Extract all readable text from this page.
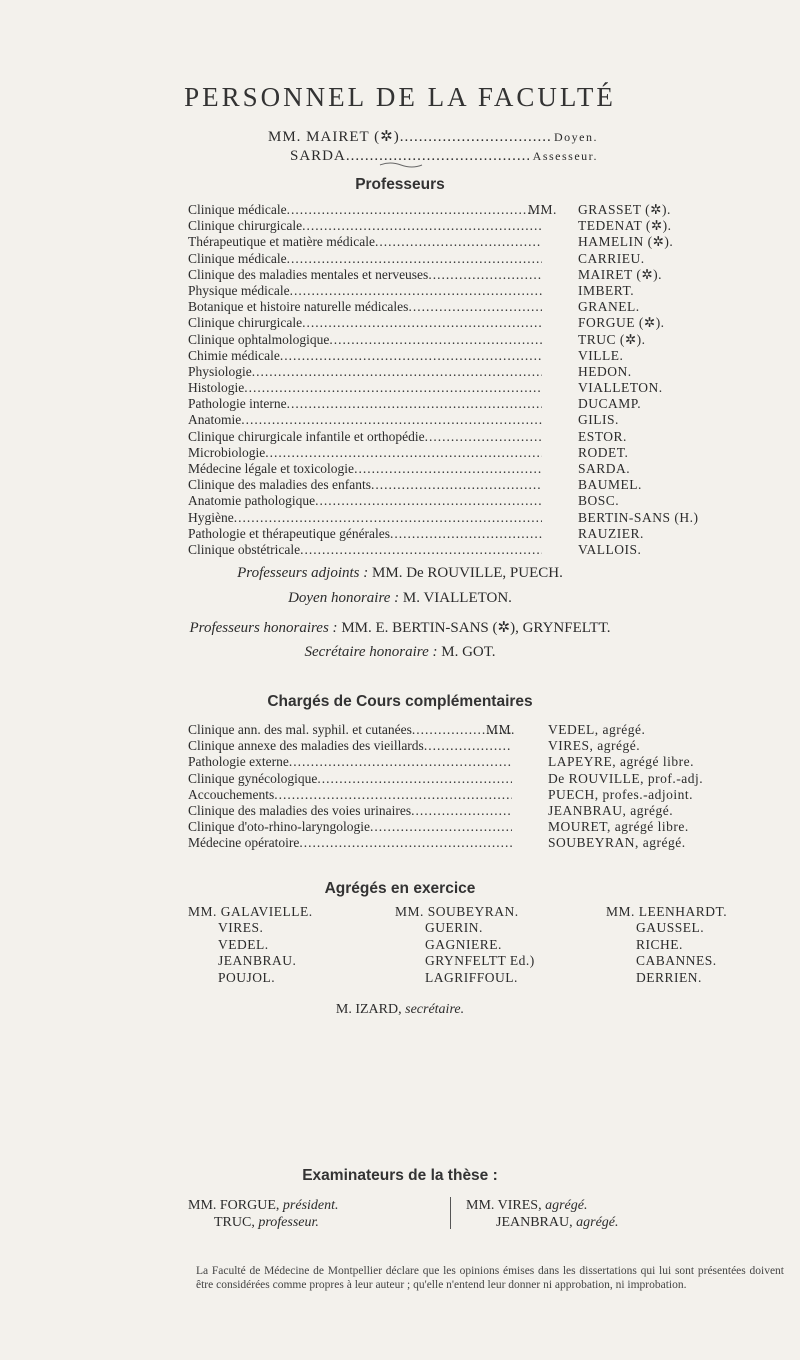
PERSONNEL DE LA FACULTÉ
MM. MAIRET (✲) .....	Doyen.
SARDA .....	Assesseur.
Professeurs
MM.
Clinique médicale .....	GRASSET (✲).
Clinique chirurgicale .....	TEDENAT (✲).
Thérapeutique et matière médicale .....	HAMELIN (✲).
Clinique médicale .....	CARRIEU.
Clinique des maladies mentales et nerveuses .....	MAIRET (✲).
Physique médicale .....	IMBERT.
Botanique et histoire naturelle médicales .....	GRANEL.
Clinique chirurgicale .....	FORGUE (✲).
Clinique ophtalmologique .....	TRUC (✲).
Chimie médicale .....	VILLE.
Physiologie .....	HEDON.
Histologie .....	VIALLETON.
Pathologie interne .....	DUCAMP.
Anatomie .....	GILIS.
Clinique chirurgicale infantile et orthopédie .....	ESTOR.
Microbiologie .....	RODET.
Médecine légale et toxicologie .....	SARDA.
Clinique des maladies des enfants .....	BAUMEL.
Anatomie pathologique .....	BOSC.
Hygiène .....	BERTIN-SANS (H.)
Pathologie et thérapeutique générales .....	RAUZIER.
Clinique obstétricale .....	VALLOIS.
Professeurs adjoints : MM. De ROUVILLE, PUECH.
Doyen honoraire : M. VIALLETON.
Professeurs honoraires : MM. E. BERTIN-SANS (✲), GRYNFELTT.
Secrétaire honoraire : M. GOT.
Chargés de Cours complémentaires
MM.
Clinique ann. des mal. syphil. et cutanées .....	VEDEL, agrégé.
Clinique annexe des maladies des vieillards .....	VIRES, agrégé.
Pathologie externe .....	LAPEYRE, agrégé libre.
Clinique gynécologique .....	De ROUVILLE, prof.-adj.
Accouchements .....	PUECH, profes.-adjoint.
Clinique des maladies des voies urinaires .....	JEANBRAU, agrégé.
Clinique d'oto-rhino-laryngologie .....	MOURET, agrégé libre.
Médecine opératoire .....	SOUBEYRAN, agrégé.
Agrégés en exercice
MM. GALAVIELLE.
VIRES.
VEDEL.
JEANBRAU.
POUJOL.
MM. SOUBEYRAN.
GUERIN.
GAGNIERE.
GRYNFELTT Ed.)
LAGRIFFOUL.
MM. LEENHARDT.
GAUSSEL.
RICHE.
CABANNES.
DERRIEN.
M. IZARD, secrétaire.
Examinateurs de la thèse :
MM. FORGUE, président.
TRUC, professeur.
MM. VIRES, agrégé.
JEANBRAU, agrégé.
La Faculté de Médecine de Montpellier déclare que les opinions émises dans les dissertations qui lui sont présentées doivent être considérées comme propres à leur auteur ; qu'elle n'entend leur donner ni approbation, ni improbation.
